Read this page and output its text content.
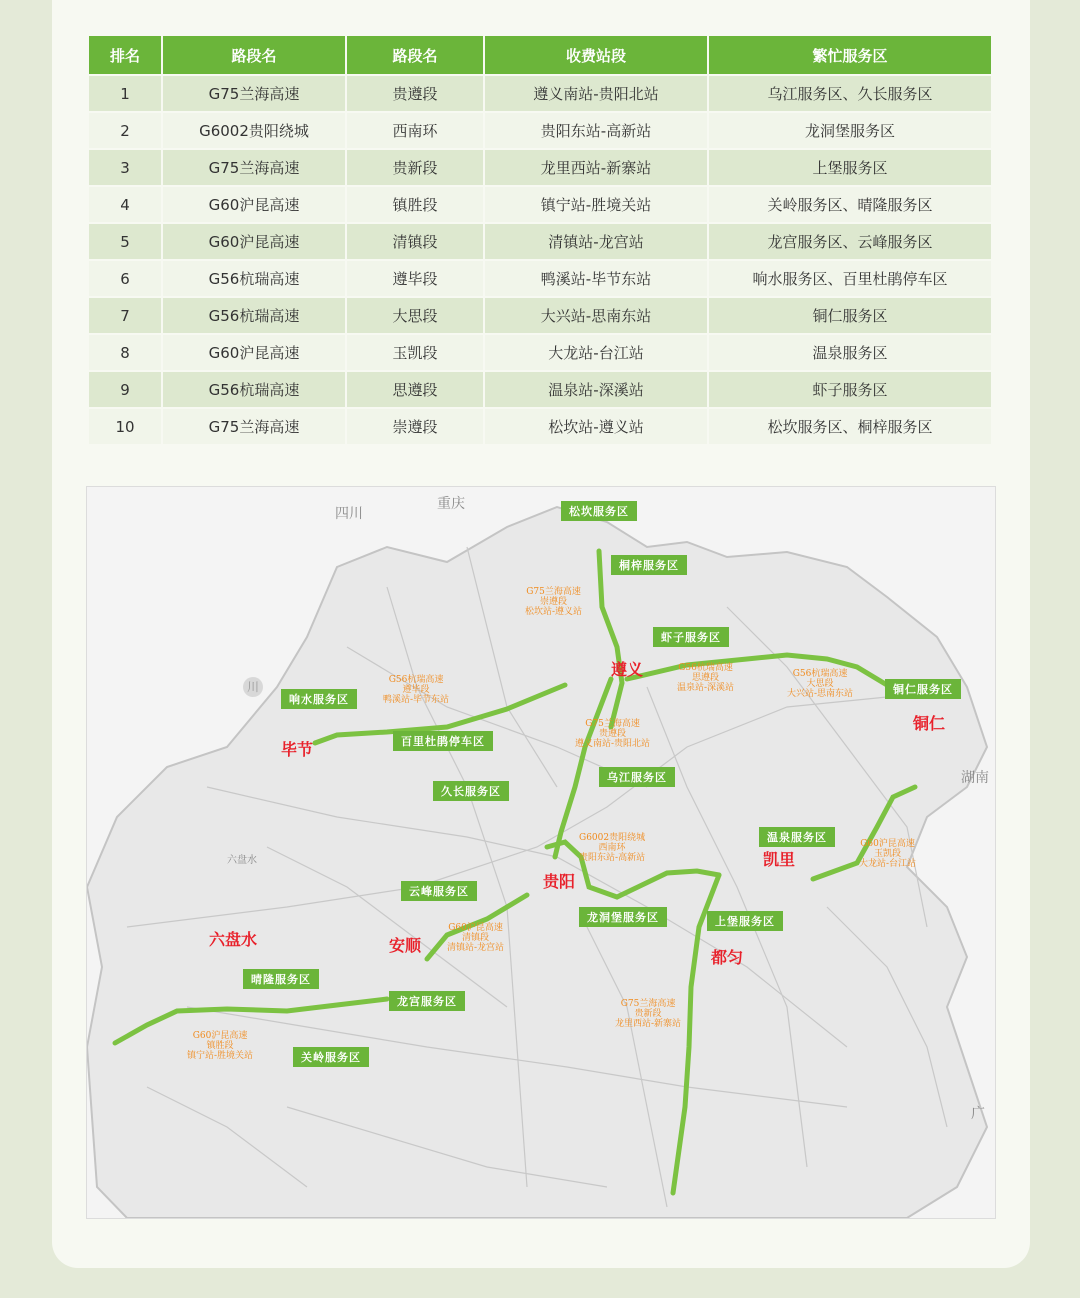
排名	路段名	路段名	收费站段	繁忙服务区
1	G75兰海高速	贵遵段	遵义南站-贵阳北站	乌江服务区、久长服务区
2	G6002贵阳绕城	西南环	贵阳东站-高新站	龙洞堡服务区
3	G75兰海高速	贵新段	龙里西站-新寨站	上堡服务区
4	G60沪昆高速	镇胜段	镇宁站-胜境关站	关岭服务区、晴隆服务区
5	G60沪昆高速	清镇段	清镇站-龙宫站	龙宫服务区、云峰服务区
6	G56杭瑞高速	遵毕段	鸭溪站-毕节东站	响水服务区、百里杜鹃停车区
7	G56杭瑞高速	大思段	大兴站-思南东站	铜仁服务区
8	G60沪昆高速	玉凯段	大龙站-台江站	温泉服务区
9	G56杭瑞高速	思遵段	温泉站-深溪站	虾子服务区
10	G75兰海高速	崇遵段	松坎站-遵义站	松坎服务区、桐梓服务区
四川
重庆
川
湖南
六盘水
广
遵义
毕节
铜仁
贵阳
凯里
安顺
六盘水
都匀
松坎服务区
桐梓服务区
虾子服务区
响水服务区
铜仁服务区
百里杜鹃停车区
久长服务区
乌江服务区
温泉服务区
云峰服务区
龙洞堡服务区	上堡服务区
晴隆服务区
龙宫服务区
关岭服务区
G75兰海高速
崇遵段
松坎站-遵义站
G56杭瑞高速
遵毕段
鸭溪站-毕节东站
G56杭瑞高速
思遵段
温泉站-深溪站
G56杭瑞高速
大思段
大兴站-思南东站
G75兰海高速
贵遵段
遵义南站-贵阳北站
G6002贵阳绕城
西南环
贵阳东站-高新站
G60沪昆高速
玉凯段
大龙站-台江站
G60沪昆高速
清镇段
清镇站-龙宫站
G75兰海高速
贵新段
龙里西站-新寨站
G60沪昆高速
镇胜段
镇宁站-胜境关站
